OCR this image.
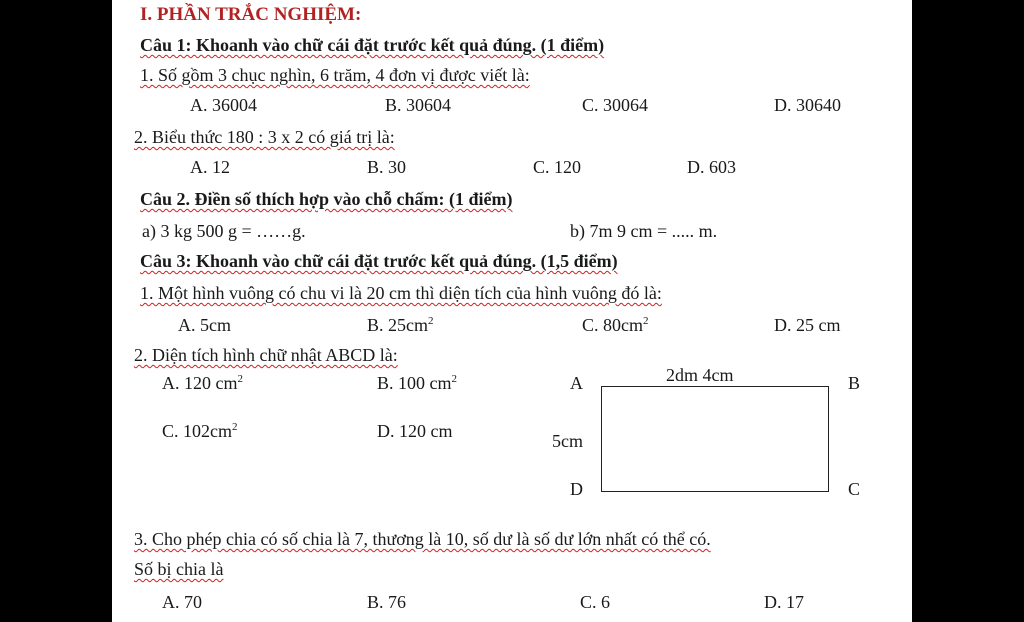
I. PHẦN TRẮC NGHIỆM:
Câu 1: Khoanh vào chữ cái đặt trước kết quả đúng. (1 điểm)
1. Số gồm 3 chục nghìn, 6 trăm, 4 đơn vị được viết là:
A. 36004	B. 30604	C. 30064	D. 30640
2. Biểu thức 180 : 3 x 2 có giá trị là:
A. 12	B. 30	C. 120	D. 603
Câu 2. Điền số thích hợp vào chỗ chấm: (1 điểm)
a) 3 kg 500 g = ……g.	b) 7m 9 cm = ..... m.
Câu 3: Khoanh vào chữ cái đặt trước kết quả đúng. (1,5 điểm)
1. Một hình vuông có chu vi là 20 cm thì diện tích của hình vuông đó là:
A. 5cm	B. $25cm^2$	C. $80cm^2$	D. 25 cm
2. Diện tích hình chữ nhật ABCD là:
A. 120 $cm^2$	B. 100 $cm^2$
C. $102cm^2$	D. 120 cm
A	2dm 4cm	B
5cm
D	C
3. Cho phép chia có số chia là 7, thương là 10, số dư là số dư lớn nhất có thể có.
Số bị chia là
A. 70	B. 76	C. 6	D. 17
